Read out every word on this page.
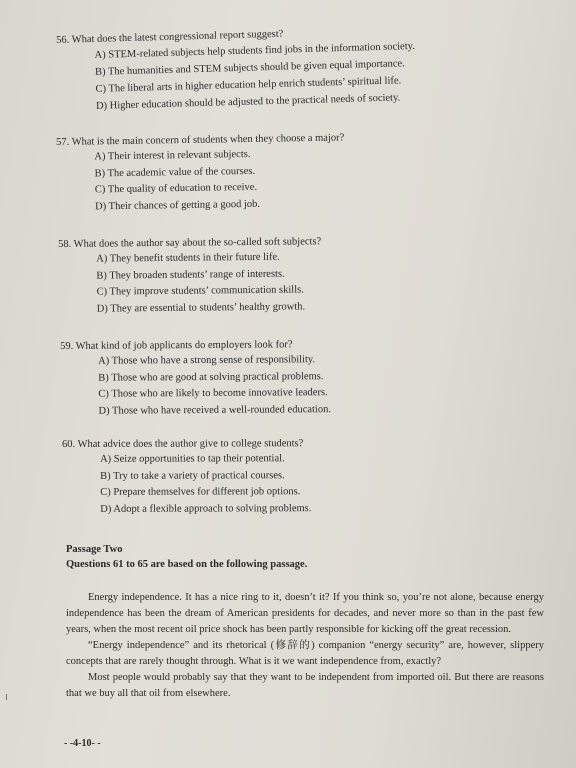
56. What does the latest congressional report suggest?
A) STEM-related subjects help students find jobs in the information society.
B) The humanities and STEM subjects should be given equal importance.
C) The liberal arts in higher education help enrich students’ spiritual life.
D) Higher education should be adjusted to the practical needs of society.
57. What is the main concern of students when they choose a major?
A) Their interest in relevant subjects.
B) The academic value of the courses.
C) The quality of education to receive.
D) Their chances of getting a good job.
58. What does the author say about the so-called soft subjects?
A) They benefit students in their future life.
B) They broaden students’ range of interests.
C) They improve students’ communication skills.
D) They are essential to students’ healthy growth.
59. What kind of job applicants do employers look for?
A) Those who have a strong sense of responsibility.
B) Those who are good at solving practical problems.
C) Those who are likely to become innovative leaders.
D) Those who have received a well-rounded education.
60. What advice does the author give to college students?
A) Seize opportunities to tap their potential.
B) Try to take a variety of practical courses.
C) Prepare themselves for different job options.
D) Adopt a flexible approach to solving problems.
Passage Two
Questions 61 to 65 are based on the following passage.

Energy independence. It has a nice ring to it, doesn’t it? If you think so, you’re not alone, because energy independence has been the dream of American presidents for decades, and never more so than in the past few years, when the most recent oil price shock has been partly responsible for kicking off the great recession.

“Energy independence” and its rhetorical (修辞的) companion “energy security” are, however, slippery concepts that are rarely thought through. What is it we want independence from, exactly?

Most people would probably say that they want to be independent from imported oil. But there are reasons that we buy all that oil from elsewhere.

- -4-10- -
